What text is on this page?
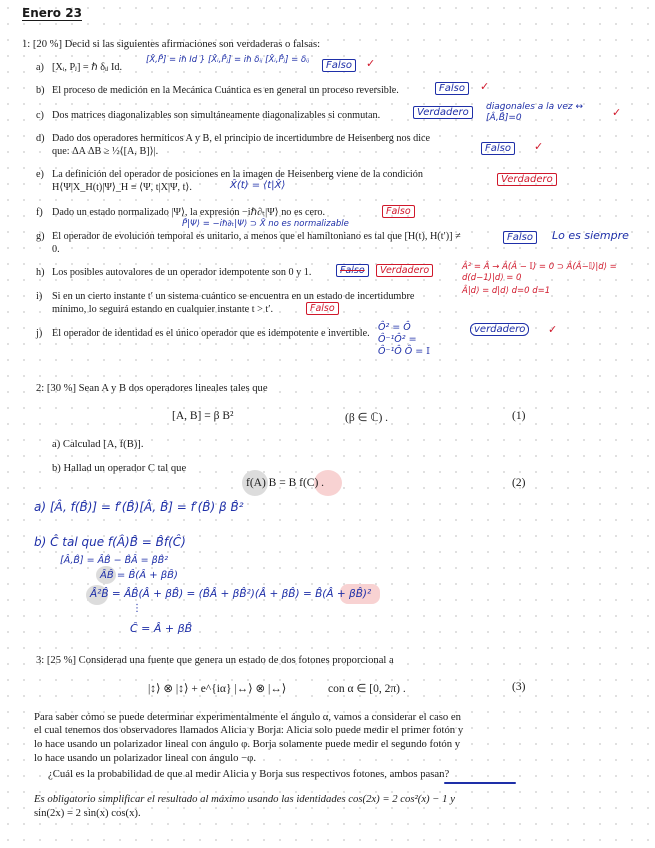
Enero 23
1: [20 %] Decid si las siguientes afirmaciones son verdaderas o falsas:
a) [Xᵢ, Pⱼ] = ℏ δᵢⱼ Id.
[X̂,P̂] = iℏ Id } [X̂ᵢ,P̂ⱼ] = iℏ δᵢⱼ [X̂ᵢ,P̂ⱼ] = δᵢⱼ	Falso	✓
b) El proceso de medición en la Mecánica Cuántica es en general un proceso reversible.	Falso	✓
c) Dos matrices diagonalizables son simultáneamente diagonalizables si conmutan.	Verdadero	diagonales a la vez ↔ [Â,B̂]=0	✓
d) Dado dos operadores hermíticos A y B, el principio de incertidumbre de Heisenberg nos dice
que: ΔA ΔB ≥ ½⟨[A, B]⟩|.	Falso	✓
e) La definición del operador de posiciones en la imagen de Heisenberg viene de la condición
H⟨Ψ|X_H(t)|Ψ⟩_H ≡ ⟨Ψ, t|X|Ψ, t⟩.	X̂(t) = ⟨t|X̂⟩
Verdadero
f) Dado un estado normalizado |Ψ⟩, la expresión −iℏ∂ₜ|Ψ⟩ no es cero.	Falso
P̂|Ψ⟩ = −iℏ∂ₜ|Ψ⟩ ⊃ X̂ no es normalizable
g) El operador de evolución temporal es unitario, a menos que el hamiltoniano es tal que [H(t), H(t′)] ≠
0.
Falso	Lo es siempre
h) Los posibles autovalores de un operador idempotente son 0 y 1.	Falso	Verdadero	Â² = Â → Â(Â − 𝕀) = 0 ⊃ Â(Â−𝕀)|d⟩ = d(d−1)|d⟩ = 0
Â|d⟩ = d|d⟩ d=0 d=1
i) Si en un cierto instante t′ un sistema cuántico se encuentra en un estado de incertidumbre
mínimo, lo seguirá estando en cualquier instante t > t′.	Falso
j) El operador de identidad es el único operador que es idempotente e invertible.
Ô² = Ô Ô⁻¹Ô² = Ô⁻¹Ô Ô = 𝕀
verdadero	✓
2: [30 %] Sean A y B dos operadores lineales tales que
[A, B] = β B²	(β ∈ ℂ) .	(1)
a) Calculad [A, f(B)].
b) Hallad un operador C tal que
f(A) B = B f(C) .	(2)
a) [Â, f(B̂)] = f′(B̂)[Â, B̂] = f′(B̂) β B̂²
b) Ĉ tal que f(Â)B̂ = B̂f(Ĉ)
[Â,B̂] = ÂB̂ − B̂Â = βB̂²
ÂB̂ = B̂(Â + βB̂)
Â²B̂ = ÂB̂(Â + βB̂) = (B̂Â + βB̂²)(Â + βB̂) = B̂(Â + βB̂)²
⋮
Ĉ = Â + βB̂
3: [25 %] Considerad una fuente que genera un estado de dos fotones proporcional a
|↕⟩ ⊗ |↕⟩ + e^{iα} |↔⟩ ⊗ |↔⟩	con α ∈ [0, 2π) .	(3)
Para saber cómo se puede determinar experimentalmente el ángulo α, vamos a considerar el caso en
el cual tenemos dos observadores llamados Alicia y Borja: Alicia solo puede medir el primer fotón y
lo hace usando un polarizador lineal con ángulo φ. Borja solamente puede medir el segundo fotón y
lo hace usando un polarizador lineal con ángulo −φ.
¿Cuál es la probabilidad de que al medir Alicia y Borja sus respectivos fotones, ambos pasan?
Es obligatorio simplificar el resultado al máximo usando las identidades cos(2x) = 2 cos²(x) − 1 y
sin(2x) = 2 sin(x) cos(x).
